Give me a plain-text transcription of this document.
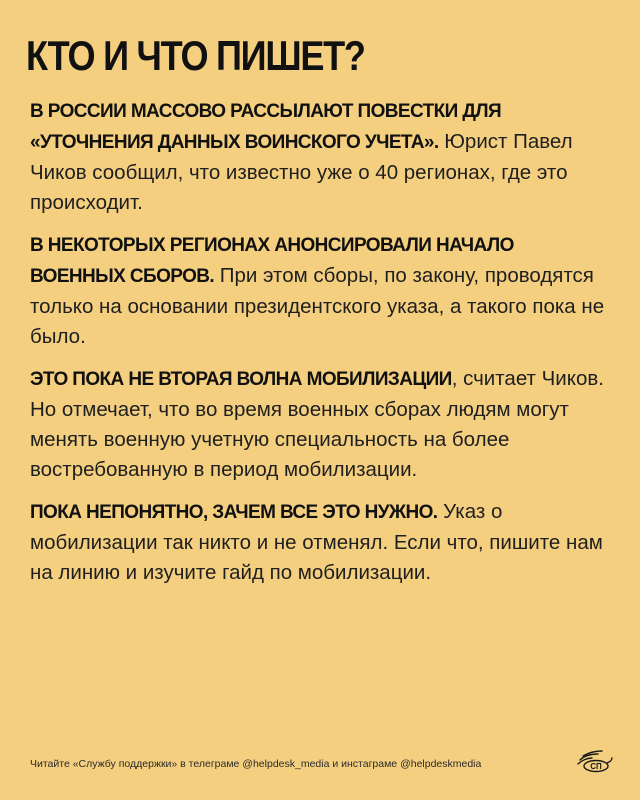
КТО И ЧТО ПИШЕТ?

В РОССИИ МАССОВО РАССЫЛАЮТ ПОВЕСТКИ ДЛЯ «УТОЧНЕНИЯ ДАННЫХ ВОИНСКОГО УЧЕТА». Юрист Павел Чиков сообщил, что известно уже о 40 регионах, где это происходит.

В НЕКОТОРЫХ РЕГИОНАХ АНОНСИРОВАЛИ НАЧАЛО ВОЕННЫХ СБОРОВ. При этом сборы, по закону, проводятся только на основании президентского указа, а такого пока не было.

ЭТО ПОКА НЕ ВТОРАЯ ВОЛНА МОБИЛИЗАЦИИ, считает Чиков. Но отмечает, что во время военных сборах людям могут менять военную учетную специальность на более востребованную в период мобилизации.

ПОКА НЕПОНЯТНО, ЗАЧЕМ ВСЕ ЭТО НУЖНО. Указ о мобилизации так никто и не отменял. Если что, пишите нам на линию и изучите гайд по мобилизации.

Читайте «Службу поддержки» в телеграме @helpdesk_media и инстаграме @helpdeskmedia	СП
